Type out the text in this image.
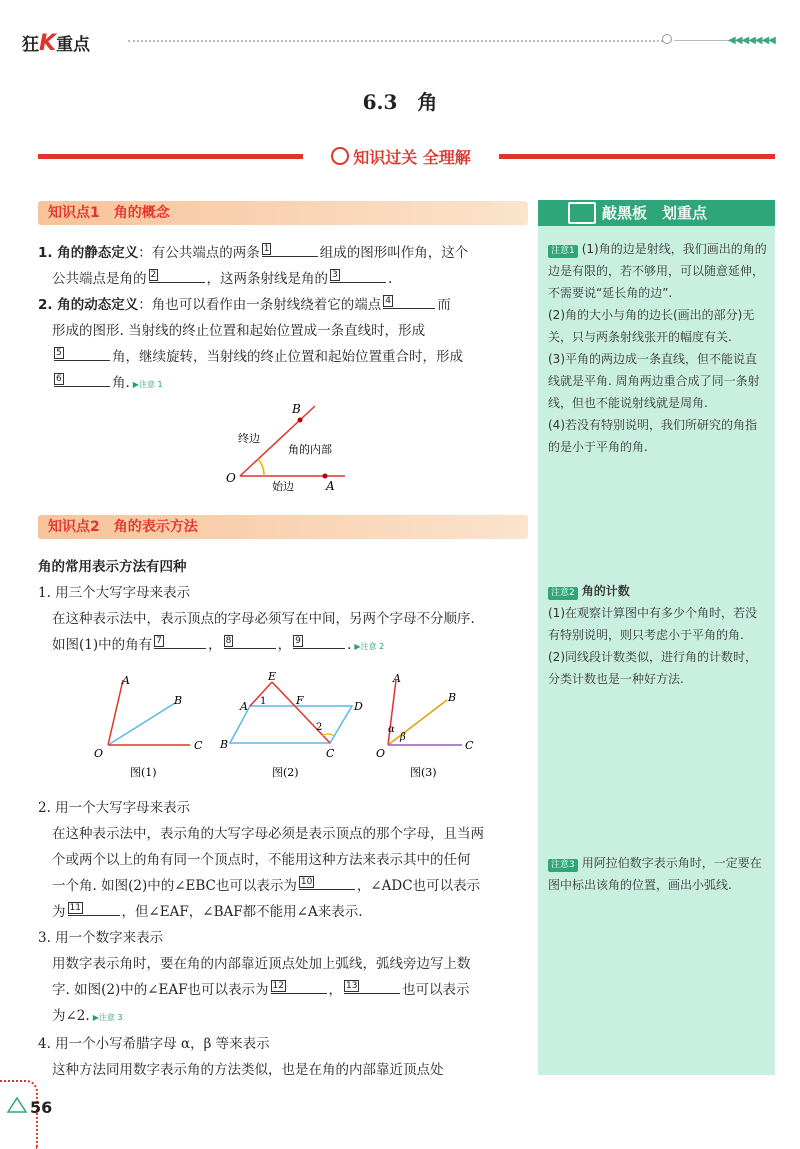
狂K重点	◀◀◀◀◀◀◀
6.3　角
知识过关 全理解
知识点1 角的概念
1. 角的静态定义：有公共端点的两条 1	组成的图形叫作角，这个
公共端点是角的 2	，这两条射线是角的 3	.
2. 角的动态定义：角也可以看作由一条射线绕着它的端点 4	而
形成的图形. 当射线的终止位置和起始位置成一条直线时，形成
5	角，继续旋转，当射线的终止位置和起始位置重合时，形成
6	角. ▶注意 1
B
O
A
终边
始边
角的内部
知识点2 角的表示方法
角的常用表示方法有四种
1. 用三个大写字母来表示
在这种表示法中，表示顶点的字母必须写在中间，另两个字母不分顺序.
如图(1)中的角有 7	， 8	， 9	. ▶注意 2
A
B
C
O
图(1)
E
A 1	F	D
2
B
C
图(2)
A
B
C
O
α
β
图(3)
2. 用一个大写字母来表示
在这种表示法中，表示角的大写字母必须是表示顶点的那个字母，且当两
个或两个以上的角有同一个顶点时，不能用这种方法来表示其中的任何
一个角. 如图(2)中的∠EBC也可以表示为 10	，∠ADC也可以表示
为 11	，但∠EAF，∠BAF都不能用∠A来表示.
3. 用一个数字来表示
用数字表示角时，要在角的内部靠近顶点处加上弧线，弧线旁边写上数
字. 如图(2)中的∠EAF也可以表示为 12	， 13	也可以表示
为∠2. ▶注意 3
4. 用一个小写希腊字母 α，β 等来表示
这种方法同用数字表示角的方法类似，也是在角的内部靠近顶点处
敲黑板　划重点
注意1 (1)角的边是射线，我们画出的角的边是有限的，若不够用，可以随意延伸，不需要说“延长角的边”.
(2)角的大小与角的边长(画出的部分)无关，只与两条射线张开的幅度有关.
(3)平角的两边成一条直线，但不能说直线就是平角. 周角两边重合成了同一条射线，但也不能说射线就是周角.
(4)若没有特别说明，我们所研究的角指的是小于平角的角.
注意2 角的计数
(1)在观察计算图中有多少个角时，若没有特别说明，则只考虑小于平角的角.
(2)同线段计数类似，进行角的计数时，分类计数也是一种好方法.
注意3 用阿拉伯数字表示角时，一定要在图中标出该角的位置，画出小弧线.
56
